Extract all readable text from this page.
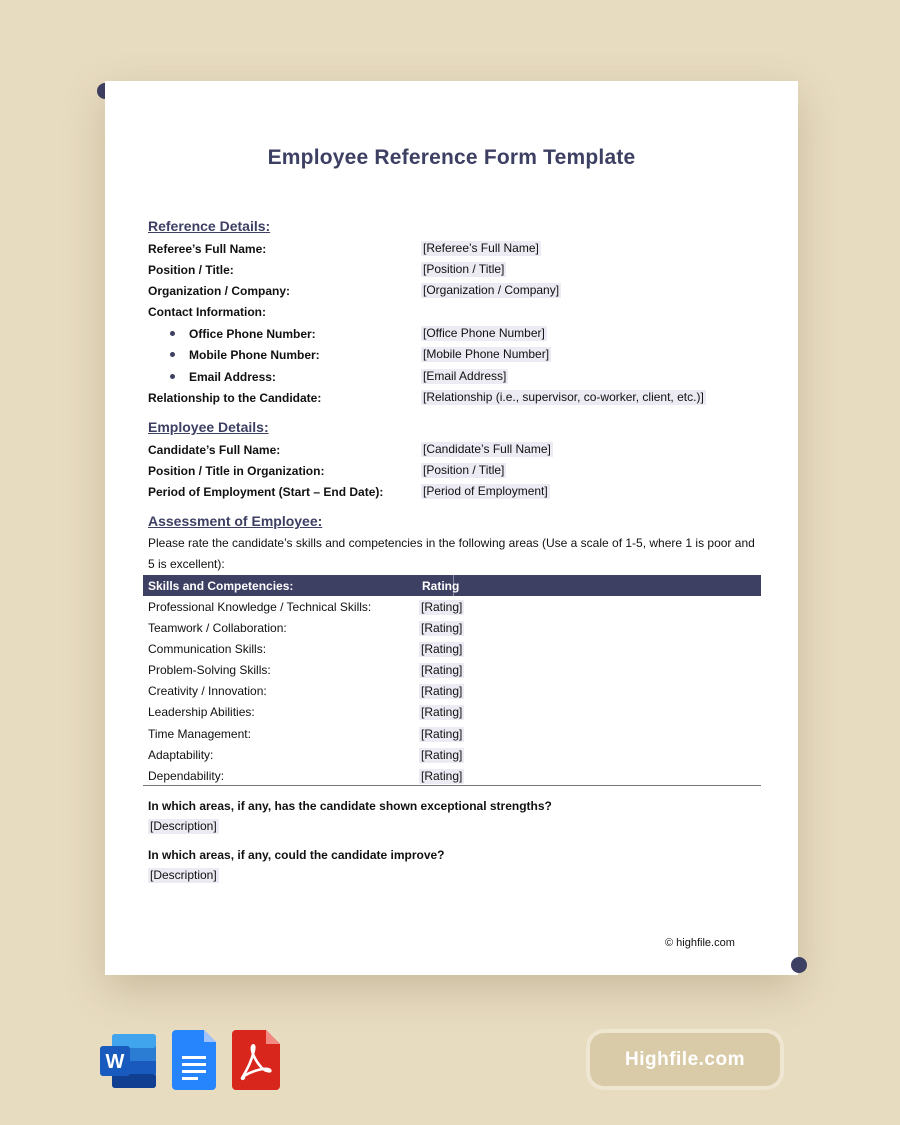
Employee Reference Form Template
Reference Details:
Referee’s Full Name:	[Referee’s Full Name]
Position / Title:	[Position / Title]
Organization / Company:	[Organization / Company]
Contact Information:
Office Phone Number:	[Office Phone Number]
Mobile Phone Number:	[Mobile Phone Number]
Email Address:	[Email Address]
Relationship to the Candidate:	[Relationship (i.e., supervisor, co-worker, client, etc.)]
Employee Details:
Candidate’s Full Name:	[Candidate’s Full Name]
Position / Title in Organization:	[Position / Title]
Period of Employment (Start – End Date):	[Period of Employment]
Assessment of Employee:
Please rate the candidate’s skills and competencies in the following areas (Use a scale of 1-5, where 1 is poor and 5 is excellent):
Skills and Competencies:	Rating
Professional Knowledge / Technical Skills:	[Rating]
Teamwork / Collaboration:	[Rating]
Communication Skills:	[Rating]
Problem-Solving Skills:	[Rating]
Creativity / Innovation:	[Rating]
Leadership Abilities:	[Rating]
Time Management:	[Rating]
Adaptability:	[Rating]
Dependability:	[Rating]
In which areas, if any, has the candidate shown exceptional strengths?
[Description]
In which areas, if any, could the candidate improve?
[Description]
© highfile.com
W	Highfile.com
